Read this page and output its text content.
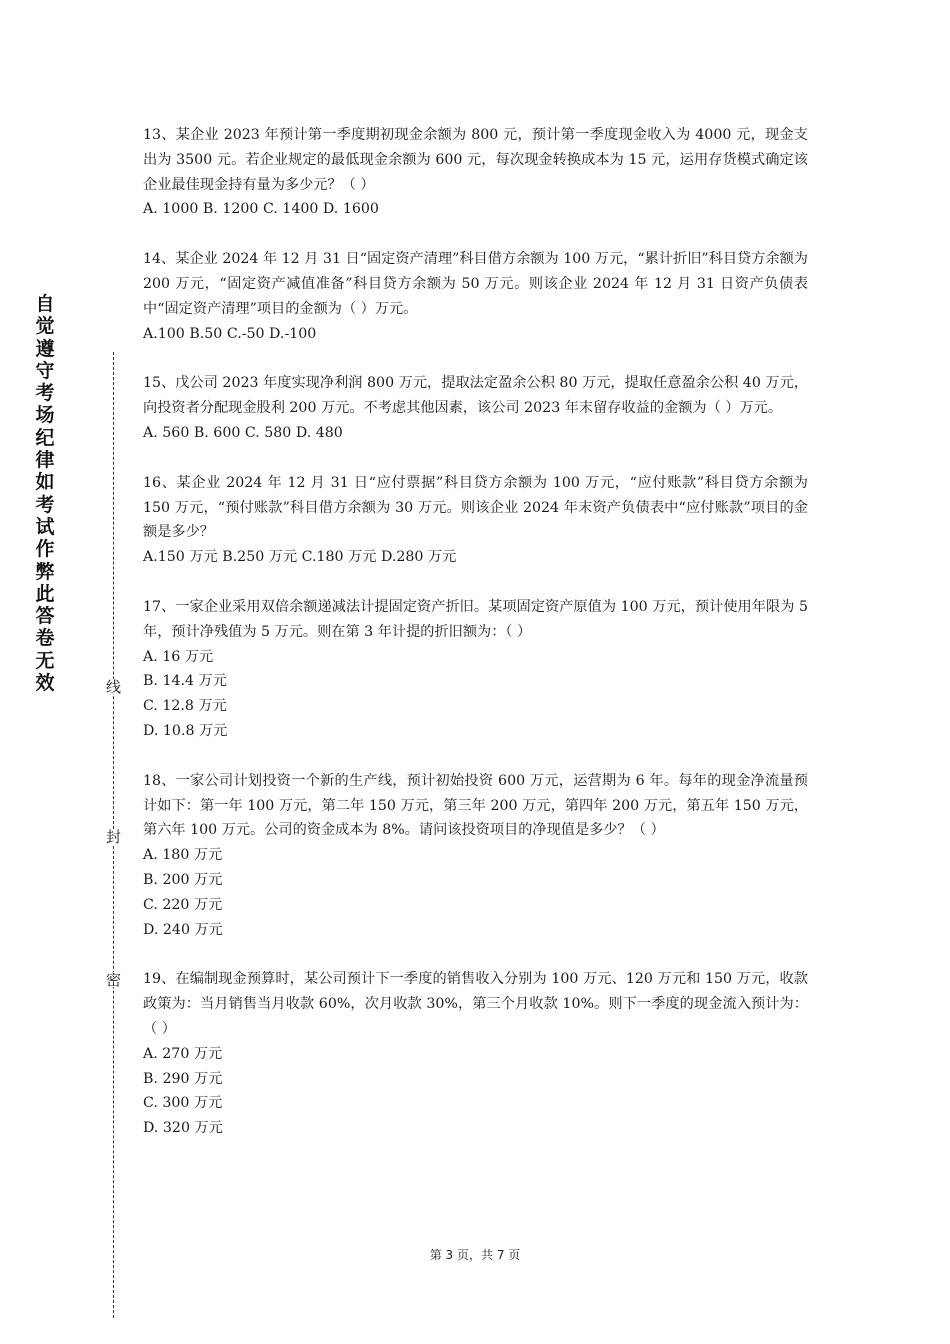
自觉遵守考场纪律如考试作弊此答卷无效	线
封
密

13、某企业 2023 年预计第一季度期初现金余额为 800 元，预计第一季度现金收入为 4000 元，现金支出为 3500 元。若企业规定的最低现金余额为 600 元，每次现金转换成本为 15 元，运用存货模式确定该企业最佳现金持有量为多少元？（ ）

A. 1000 B. 1200 C. 1400 D. 1600

14、某企业 2024 年 12 月 31 日“固定资产清理”科目借方余额为 100 万元，“累计折旧”科目贷方余额为 200 万元，“固定资产减值准备”科目贷方余额为 50 万元。则该企业 2024 年 12 月 31 日资产负债表中“固定资产清理”项目的金额为（ ）万元。

A.100 B.50 C.-50 D.-100

15、戊公司 2023 年度实现净利润 800 万元，提取法定盈余公积 80 万元，提取任意盈余公积 40 万元，向投资者分配现金股利 200 万元。不考虑其他因素，该公司 2023 年末留存收益的金额为（ ）万元。

A. 560 B. 600 C. 580 D. 480

16、某企业 2024 年 12 月 31 日“应付票据”科目贷方余额为 100 万元，“应付账款”科目贷方余额为 150 万元，“预付账款”科目借方余额为 30 万元。则该企业 2024 年末资产负债表中“应付账款”项目的金额是多少？

A.150 万元 B.250 万元 C.180 万元 D.280 万元

17、一家企业采用双倍余额递减法计提固定资产折旧。某项固定资产原值为 100 万元，预计使用年限为 5 年，预计净残值为 5 万元。则在第 3 年计提的折旧额为：（ ）

A. 16 万元
B. 14.4 万元
C. 12.8 万元
D. 10.8 万元

18、一家公司计划投资一个新的生产线，预计初始投资 600 万元，运营期为 6 年。每年的现金净流量预计如下：第一年 100 万元，第二年 150 万元，第三年 200 万元，第四年 200 万元，第五年 150 万元，第六年 100 万元。公司的资金成本为 8%。请问该投资项目的净现值是多少？（ ）

A. 180 万元
B. 200 万元
C. 220 万元
D. 240 万元

19、在编制现金预算时，某公司预计下一季度的销售收入分别为 100 万元、120 万元和 150 万元，收款政策为：当月销售当月收款 60%，次月收款 30%，第三个月收款 10%。则下一季度的现金流入预计为：（ ）

A. 270 万元
B. 290 万元
C. 300 万元
D. 320 万元
第 3 页，共 7 页
